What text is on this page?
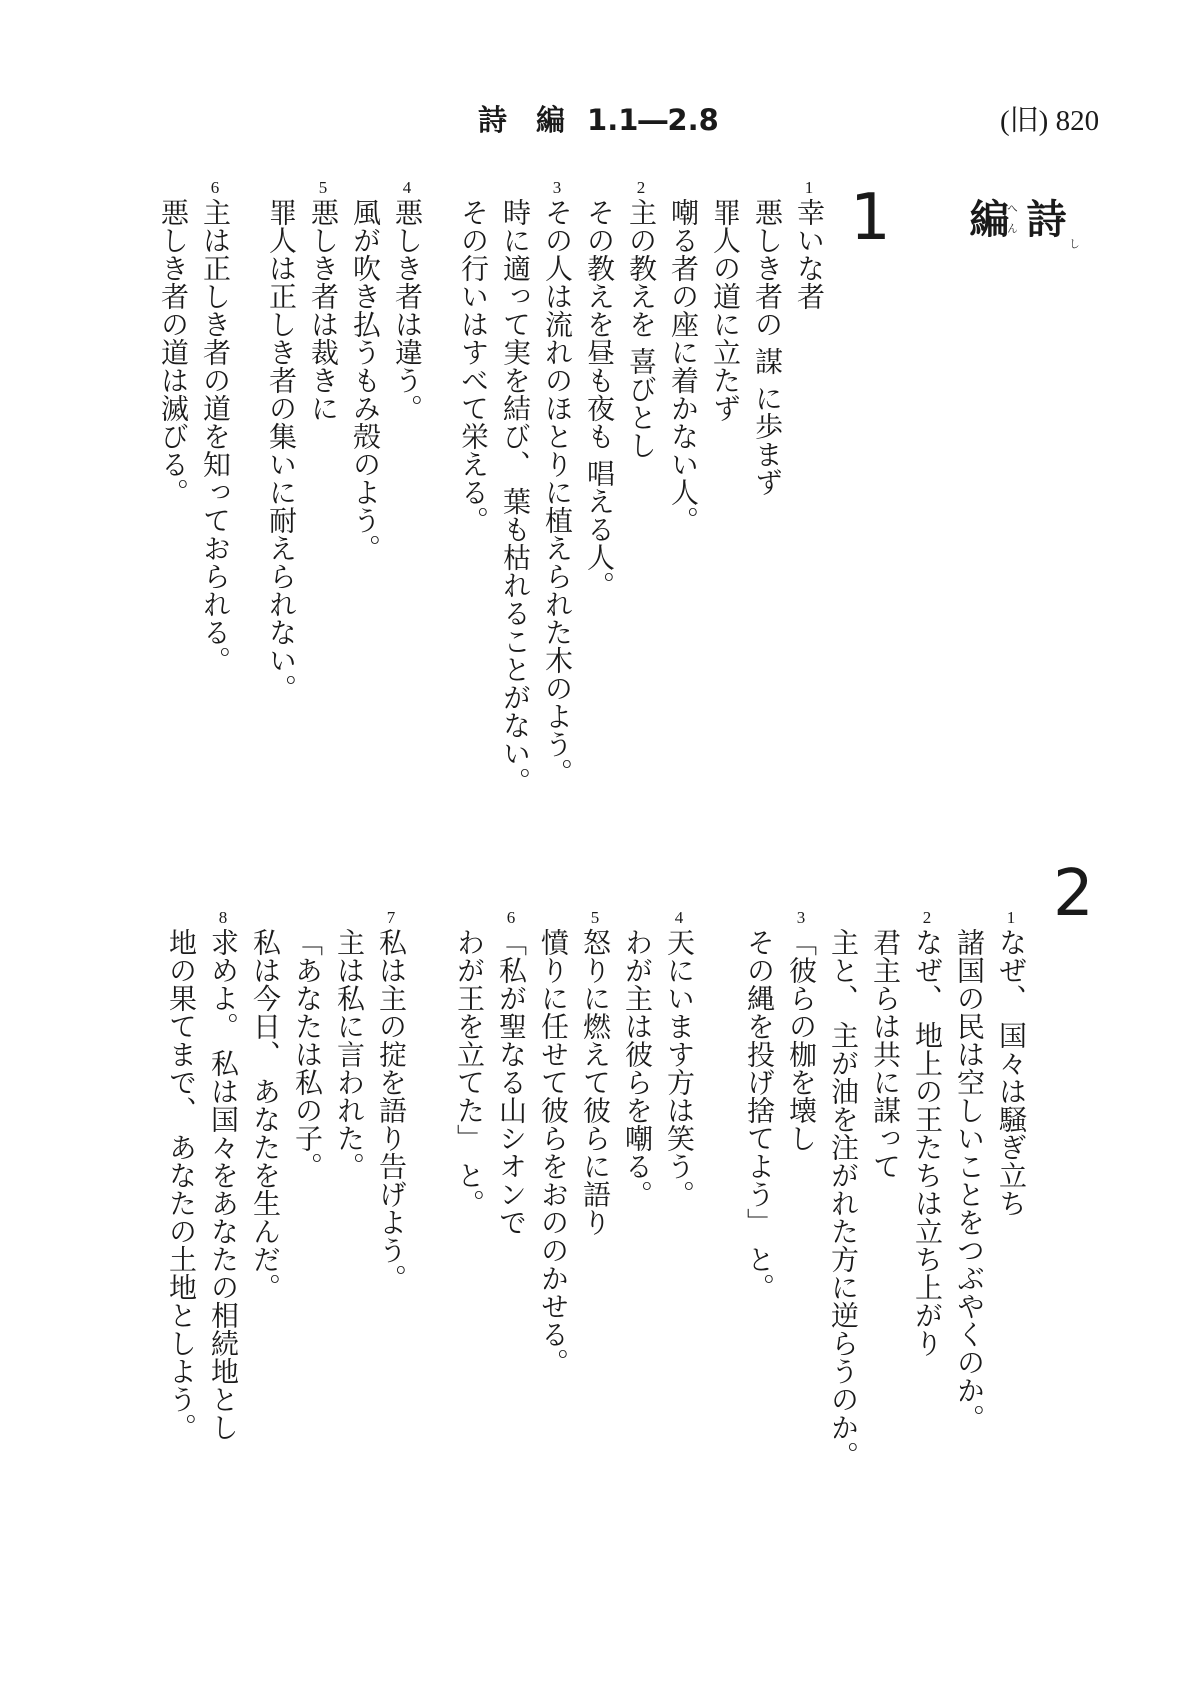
詩　編 1.1―2.8	(旧) 820
詩し
編へん
1
2
1
幸いな者
悪しき者の 謀 に歩まず
罪人の道に立たず
嘲る者の座に着かない人。
2
主の教えを 喜びとし
その教えを昼も夜も 唱える人。
3
その人は流れのほとりに植えられた木のよう。
時に適って実を結び、 葉も枯れることがない。
その行いはすべて栄える。
4
悪しき者は違う。
風が吹き払うもみ殻のよう。
5
悪しき者は裁きに
罪人は正しき者の集いに耐えられない。
6
主は正しき者の道を知っておられる。
悪しき者の道は滅びる。
1
なぜ、 国々は騒ぎ立ち
諸国の民は空しいことをつぶやくのか。
2
なぜ、 地上の王たちは立ち上がり
君主らは共に謀って
主と、 主が油を注がれた方に逆らうのか。
3
「彼らの枷を壊し
その縄を投げ捨てよう」 と。
4
天にいます方は笑う。
わが主は彼らを嘲る。
5
怒りに燃えて彼らに語り
憤りに任せて彼らをおののかせる。
6
「私が聖なる山シオンで
わが王を立てた」 と。
7
私は主の掟を語り告げよう。
主は私に言われた。
「あなたは私の子。
私は今日、 あなたを生んだ。
8
求めよ。 私は国々をあなたの相続地とし
地の果てまで、 あなたの土地としよう。
